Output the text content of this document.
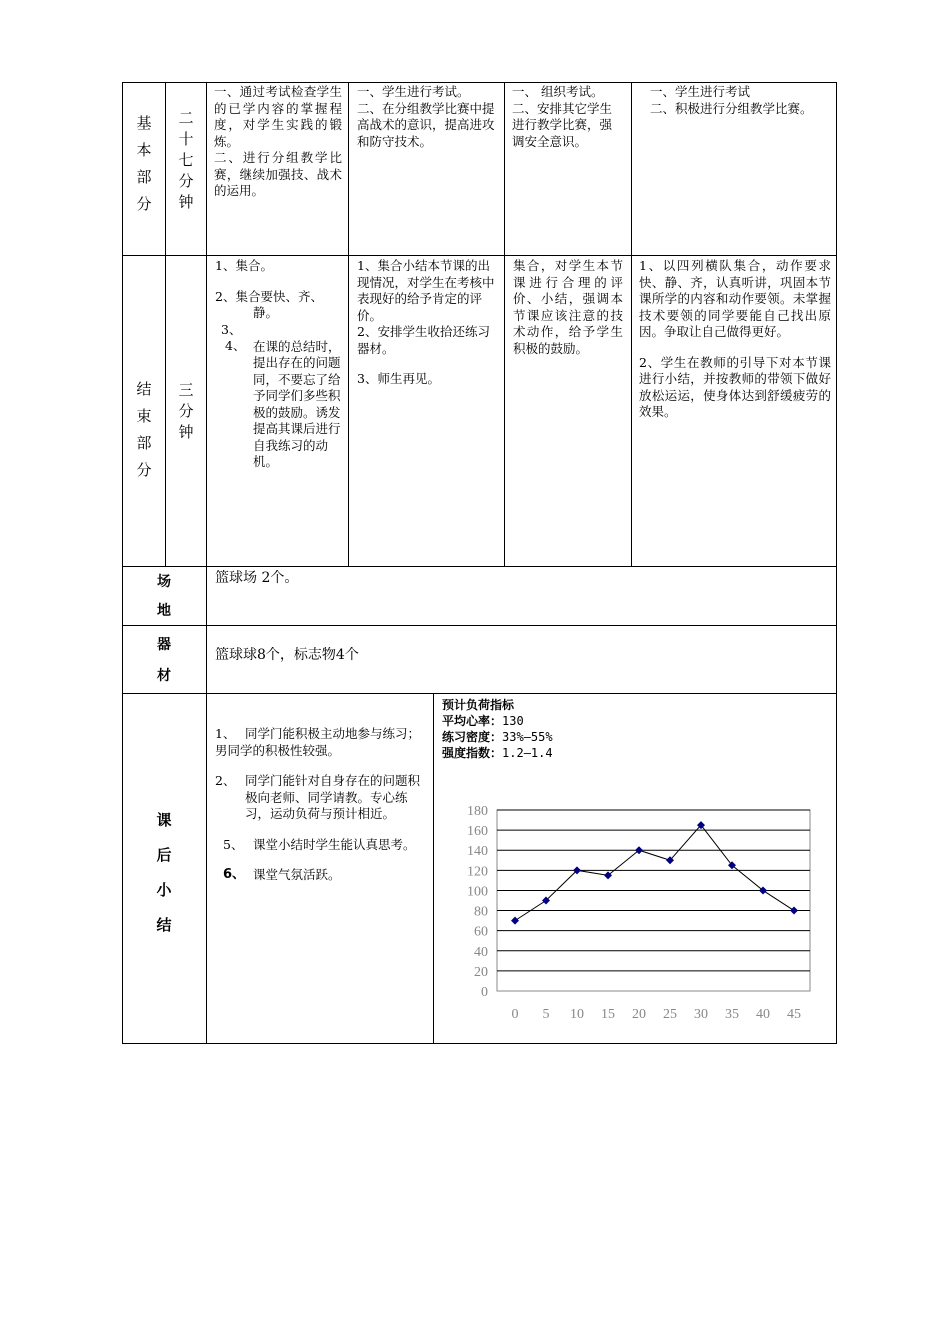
基
本
部
分
二
十
七
分
钟

一、通过考试检查学生的已学内容的掌握程度，对学生实践的锻炼。

二、进行分组教学比赛，继续加强技、战术的运用。

一、学生进行考试。

二、在分组教学比赛中提高战术的意识，提高进攻和防守技术。

一、 组织考试。

二、安排其它学生进行教学比赛，强调安全意识。

一、学生进行考试

二、积极进行分组教学比赛。

结
束
部
分
三
分
钟

1、集合。

2、集合要快、齐、静。

3、

4、 在课的总结时，提出存在的问题同，不要忘了给予同学们多些积极的鼓励。诱发提高其课后进行自我练习的动机。

1、集合小结本节课的出现情况，对学生在考核中表现好的给予肯定的评价。

2、安排学生收拾还练习器材。

3、师生再见。

集合，对学生本节课进行合理的评价、小结，强调本节课应该注意的技术动作，给予学生积极的鼓励。

1、以四列横队集合，动作要求快、静、齐，认真听讲，巩固本节课所学的内容和动作要领。未掌握技术要领的同学要能自己找出原因。争取让自己做得更好。

2、学生在教师的引导下对本节课进行小结，并按教师的带领下做好放松运运，使身体达到舒缓疲劳的效果。

场
地
篮球场 2个。
器
材
篮球球8个，标志物4个
课
后
小
结
1、 同学门能积极主动地参与练习；男同学的积极性较强。

2、 同学门能针对自身存在的问题积极向老师、同学请教。专心练习，运动负荷与预计相近。

5、 课堂小结时学生能认真思考。

6、 课堂气氛活跃。

预计负荷指标

平均心率：130

练习密度：33%—55%

强度指数：1.2—1.4

0
20
40
60
80
100
120
140
160
180
0 5 10 15 20 25 30 35 40 45
